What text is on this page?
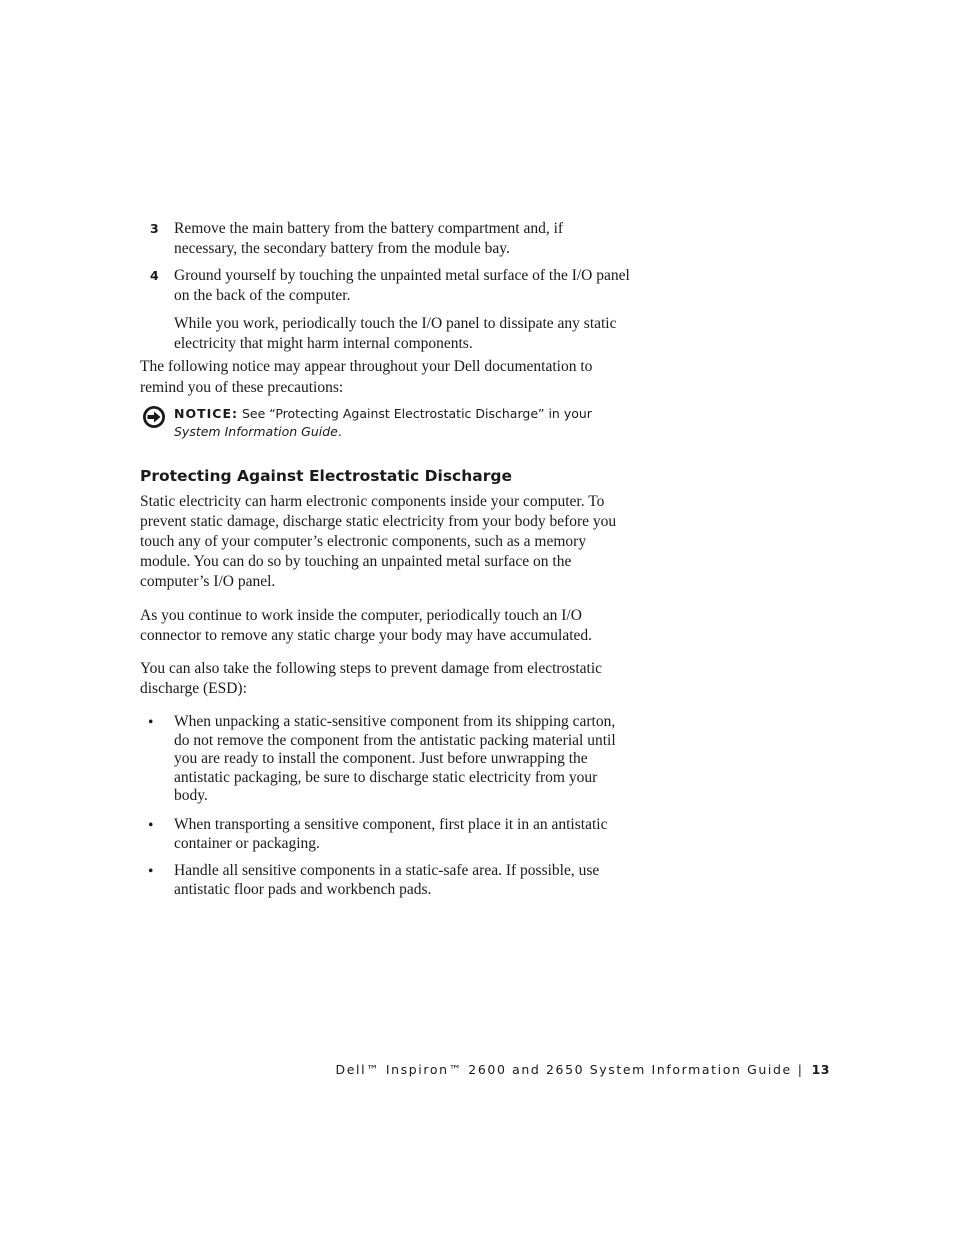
3 Remove the main battery from the battery compartment and, if necessary, the secondary battery from the module bay.
4 Ground yourself by touching the unpainted metal surface of the I/O panel on the back of the computer.
While you work, periodically touch the I/O panel to dissipate any static electricity that might harm internal components.
The following notice may appear throughout your Dell documentation to remind you of these precautions:
NOTICE: See “Protecting Against Electrostatic Discharge” in your System Information Guide.
Protecting Against Electrostatic Discharge
Static electricity can harm electronic components inside your computer. To prevent static damage, discharge static electricity from your body before you touch any of your computer’s electronic components, such as a memory module. You can do so by touching an unpainted metal surface on the computer’s I/O panel.
As you continue to work inside the computer, periodically touch an I/O connector to remove any static charge your body may have accumulated.
You can also take the following steps to prevent damage from electrostatic discharge (ESD):
• When unpacking a static-sensitive component from its shipping carton, do not remove the component from the antistatic packing material until you are ready to install the component. Just before unwrapping the antistatic packaging, be sure to discharge static electricity from your body.
• When transporting a sensitive component, first place it in an antistatic container or packaging.
• Handle all sensitive components in a static-safe area. If possible, use antistatic floor pads and workbench pads.
Dell™ Inspiron™ 2600 and 2650 System Information Guide | 13
